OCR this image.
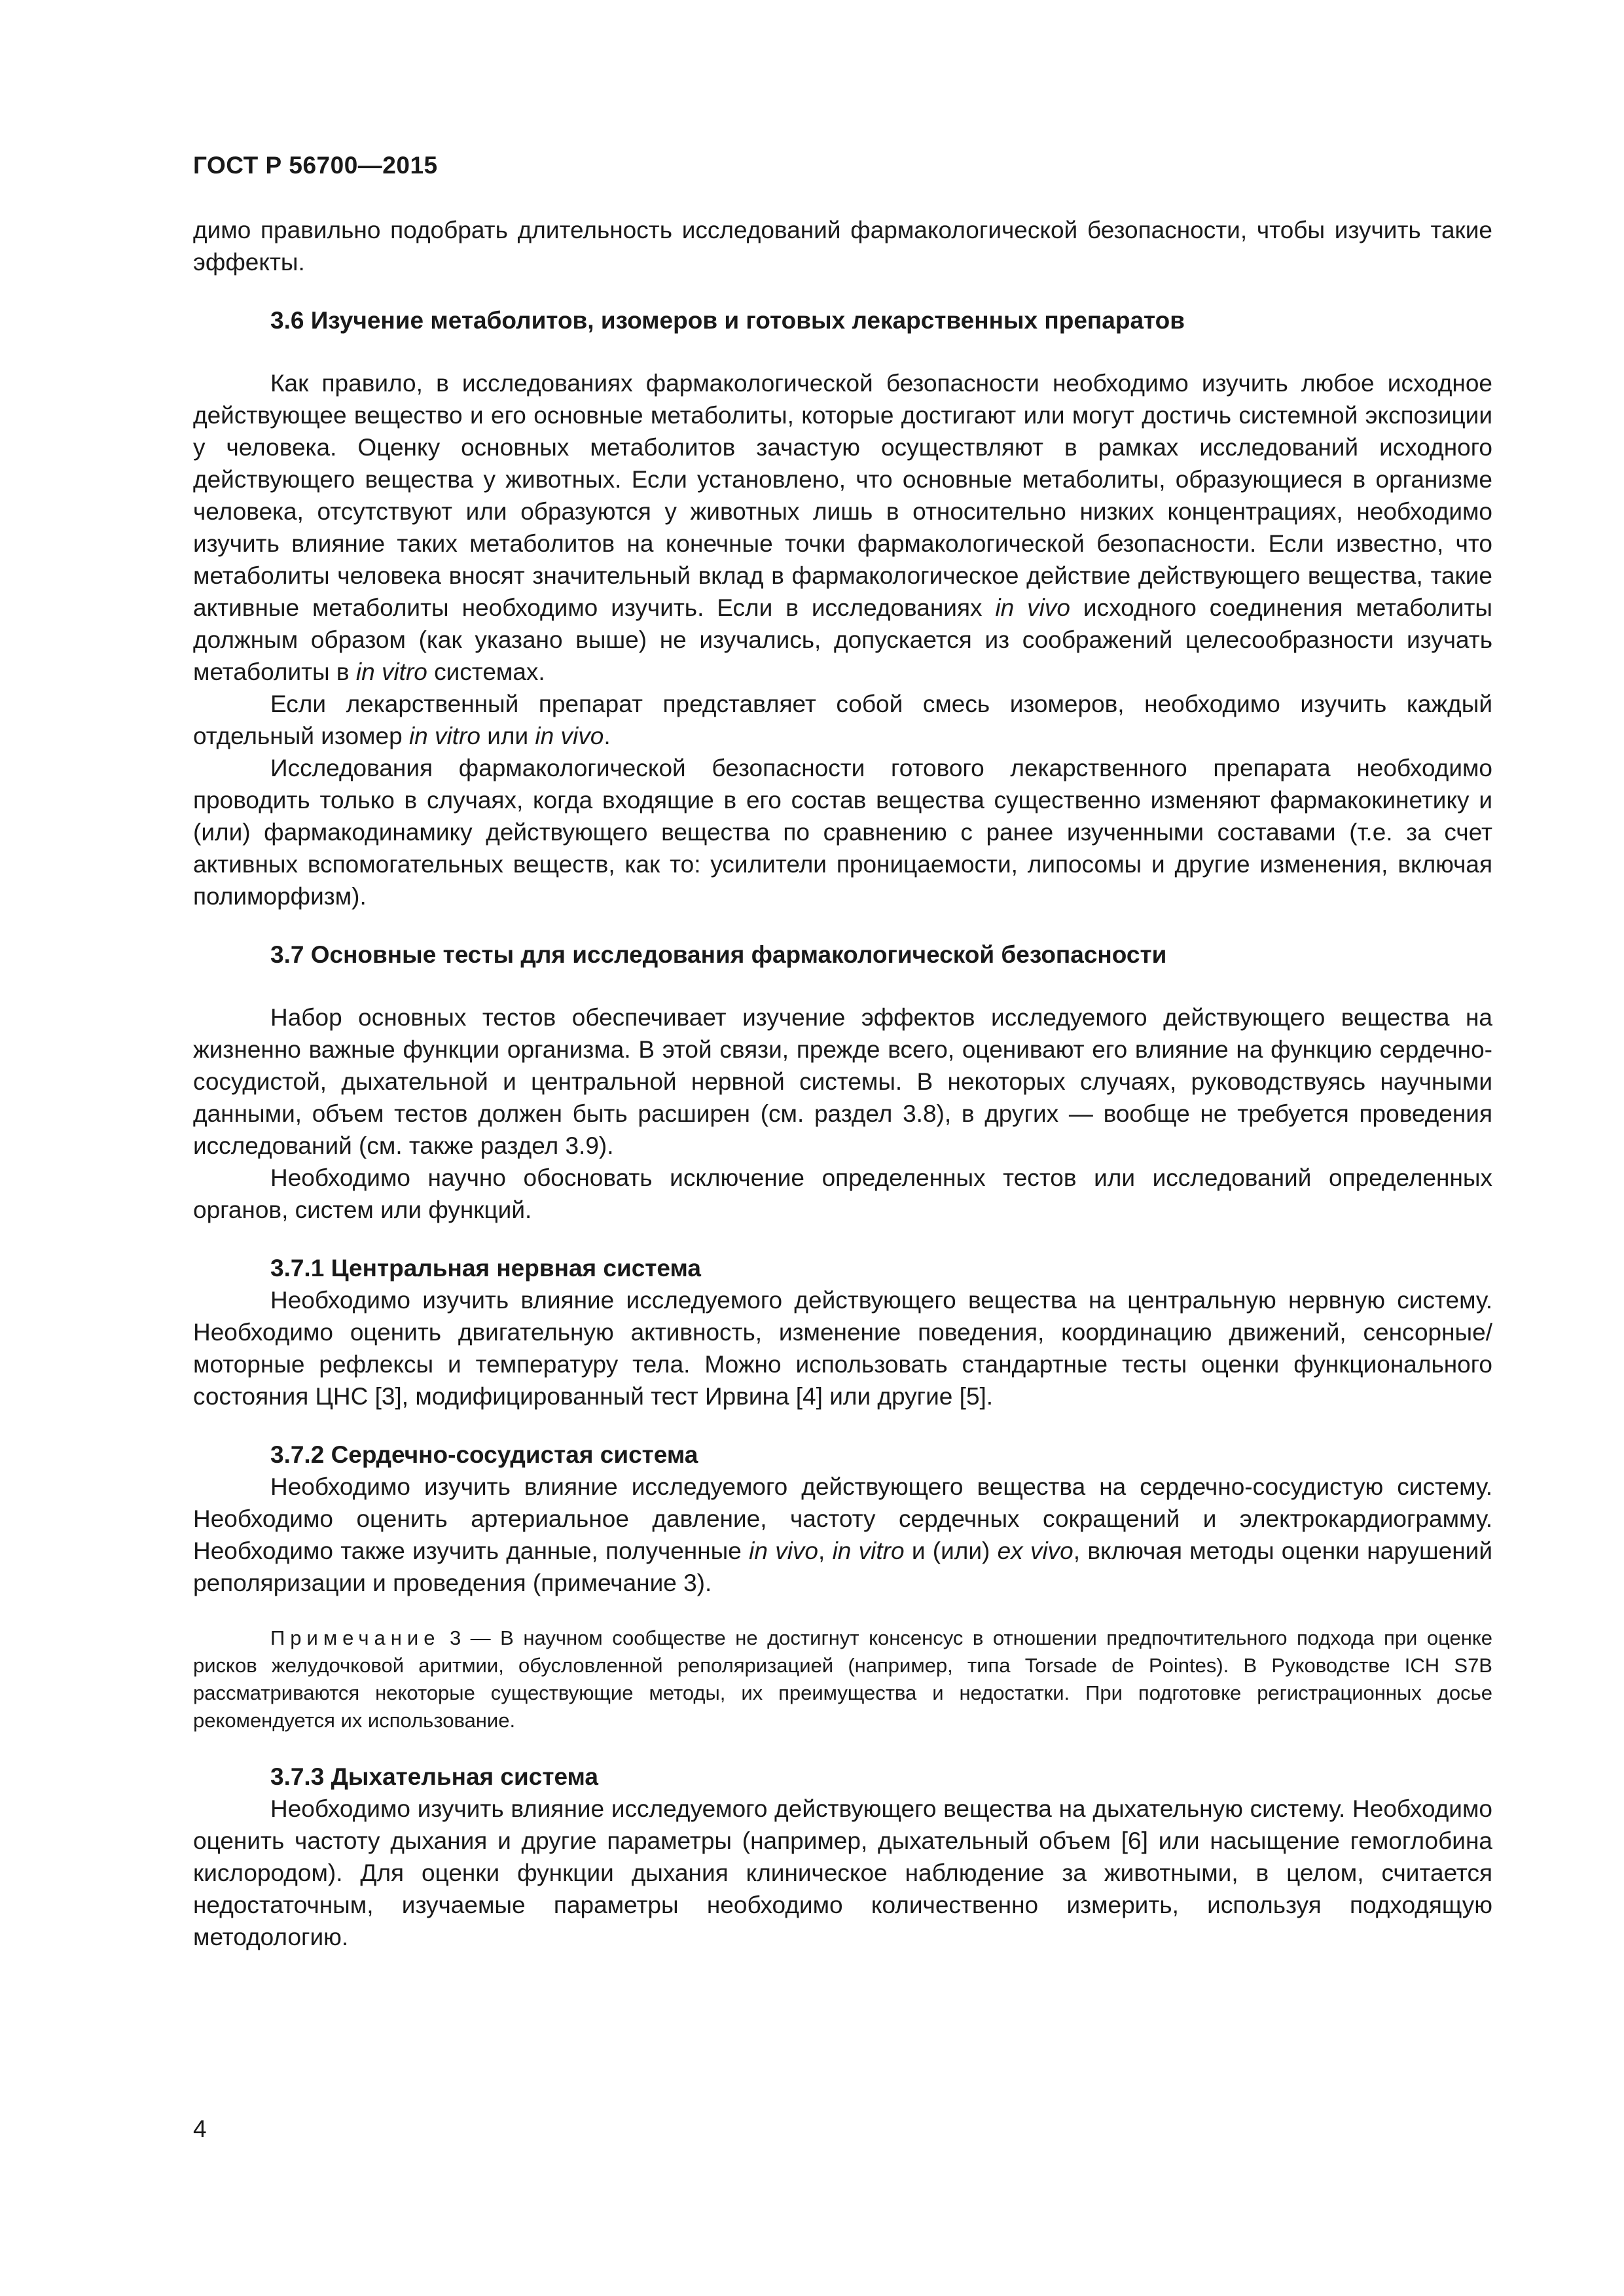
ГОСТ Р 56700—2015

димо правильно подобрать длительность исследований фармакологической безопасности, чтобы изучить такие эффекты.

3.6 Изучение метаболитов, изомеров и готовых лекарственных препаратов

Как правило, в исследованиях фармакологической безопасности необходимо изучить любое исходное действующее вещество и его основные метаболиты, которые достигают или могут достичь системной экспозиции у человека. Оценку основных метаболитов зачастую осуществляют в рамках исследований исходного действующего вещества у животных. Если установлено, что основные метаболиты, образующиеся в организме человека, отсутствуют или образуются у животных лишь в относительно низких концентрациях, необходимо изучить влияние таких метаболитов на конечные точки фармакологической безопасности. Если известно, что метаболиты человека вносят значительный вклад в фармакологическое действие действующего вещества, такие активные метаболиты необходимо изучить. Если в исследованиях in vivo исходного соединения метаболиты должным образом (как указано выше) не изучались, допускается из соображений целесообразности изучать метаболиты в in vitro системах.

Если лекарственный препарат представляет собой смесь изомеров, необходимо изучить каждый отдельный изомер in vitro или in vivo.

Исследования фармакологической безопасности готового лекарственного препарата необходимо проводить только в случаях, когда входящие в его состав вещества существенно изменяют фармакокинетику и (или) фармакодинамику действующего вещества по сравнению с ранее изученными составами (т.е. за счет активных вспомогательных веществ, как то: усилители проницаемости, липосомы и другие изменения, включая полиморфизм).

3.7 Основные тесты для исследования фармакологической безопасности

Набор основных тестов обеспечивает изучение эффектов исследуемого действующего вещества на жизненно важные функции организма. В этой связи, прежде всего, оценивают его влияние на функцию сердечно-сосудистой, дыхательной и центральной нервной системы. В некоторых случаях, руководствуясь научными данными, объем тестов должен быть расширен (см. раздел 3.8), в других — вообще не требуется проведения исследований (см. также раздел 3.9).

Необходимо научно обосновать исключение определенных тестов или исследований определенных органов, систем или функций.

3.7.1 Центральная нервная система

Необходимо изучить влияние исследуемого действующего вещества на центральную нервную систему. Необходимо оценить двигательную активность, изменение поведения, координацию движений, сенсорные/моторные рефлексы и температуру тела. Можно использовать стандартные тесты оценки функционального состояния ЦНС [3], модифицированный тест Ирвина [4] или другие [5].

3.7.2 Сердечно-сосудистая система

Необходимо изучить влияние исследуемого действующего вещества на сердечно-сосудистую систему. Необходимо оценить артериальное давление, частоту сердечных сокращений и электрокардиограмму. Необходимо также изучить данные, полученные in vivo, in vitro и (или) ex vivo, включая методы оценки нарушений реполяризации и проведения (примечание 3).

Примечание 3 — В научном сообществе не достигнут консенсус в отношении предпочтительного подхода при оценке рисков желудочковой аритмии, обусловленной реполяризацией (например, типа Torsade de Pointes). В Руководстве ICH S7B рассматриваются некоторые существующие методы, их преимущества и недостатки. При подготовке регистрационных досье рекомендуется их использование.

3.7.3 Дыхательная система

Необходимо изучить влияние исследуемого действующего вещества на дыхательную систему. Необходимо оценить частоту дыхания и другие параметры (например, дыхательный объем [6] или насыщение гемоглобина кислородом). Для оценки функции дыхания клиническое наблюдение за животными, в целом, считается недостаточным, изучаемые параметры необходимо количественно измерить, используя подходящую методологию.

4
